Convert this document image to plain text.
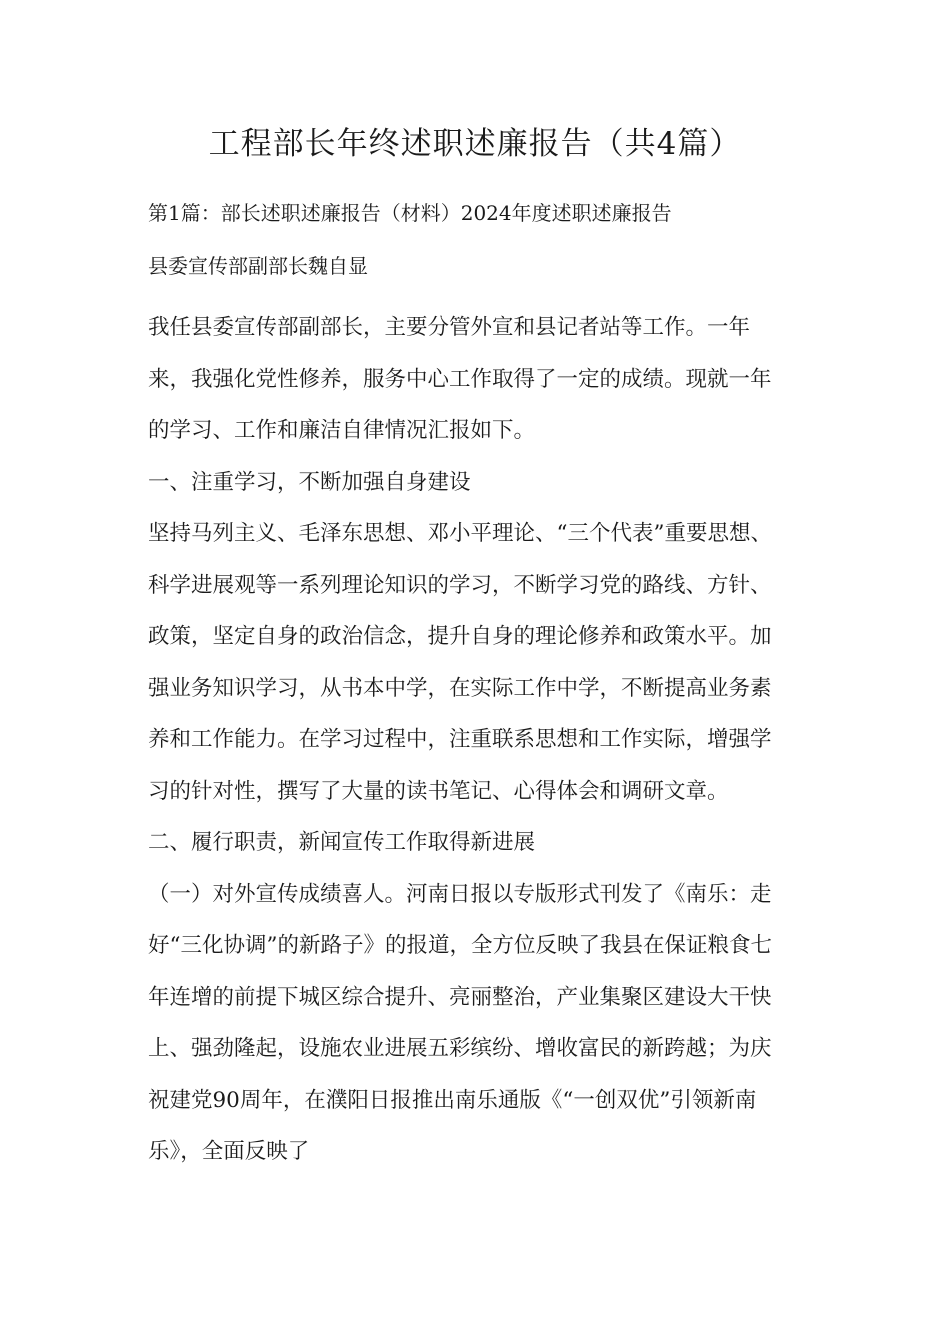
工程部长年终述职述廉报告（共4篇）
第1篇：部长述职述廉报告（材料）2024年度述职述廉报告
县委宣传部副部长魏自显
我任县委宣传部副部长，主要分管外宣和县记者站等工作。一年
来，我强化党性修养，服务中心工作取得了一定的成绩。现就一年
的学习、工作和廉洁自律情况汇报如下。
一、注重学习，不断加强自身建设
坚持马列主义、毛泽东思想、邓小平理论、“三个代表”重要思想、
科学进展观等一系列理论知识的学习，不断学习党的路线、方针、
政策，坚定自身的政治信念，提升自身的理论修养和政策水平。加
强业务知识学习，从书本中学，在实际工作中学，不断提高业务素
养和工作能力。在学习过程中，注重联系思想和工作实际，增强学
习的针对性，撰写了大量的读书笔记、心得体会和调研文章。
二、履行职责，新闻宣传工作取得新进展
（一）对外宣传成绩喜人。河南日报以专版形式刊发了《南乐：走
好“三化协调”的新路子》的报道，全方位反映了我县在保证粮食七
年连增的前提下城区综合提升、亮丽整治，产业集聚区建设大干快
上、强劲隆起，设施农业进展五彩缤纷、增收富民的新跨越；为庆
祝建党90周年，在濮阳日报推出南乐通版《“一创双优”引领新南
乐》，全面反映了
